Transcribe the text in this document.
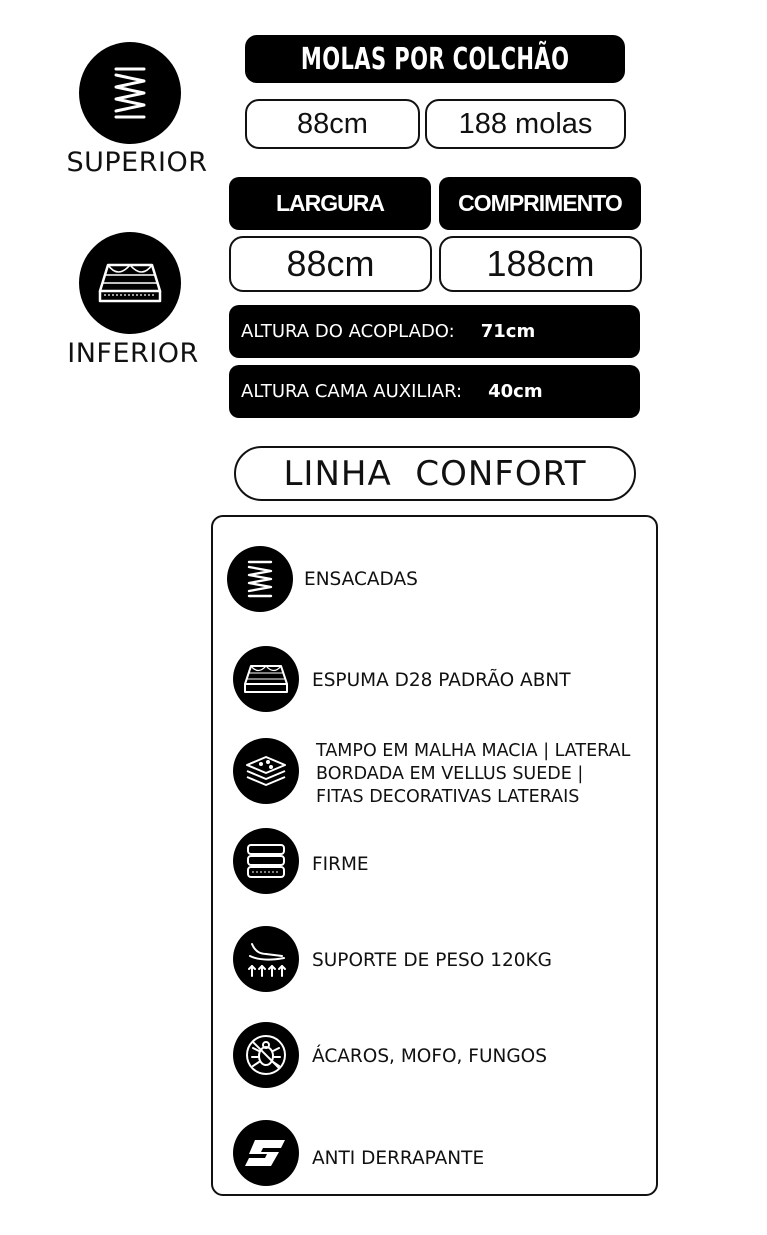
SUPERIOR
INFERIOR
MOLAS POR COLCHÃO
88cm	188 molas
LARGURA	COMPRIMENTO
88cm	188cm
ALTURA DO ACOPLADO: 71cm
ALTURA CAMA AUXILIAR: 40cm
LINHA  CONFORT
ENSACADAS
ESPUMA D28 PADRÃO ABNT
TAMPO EM MALHA MACIA | LATERAL
BORDADA EM VELLUS SUEDE |
FITAS DECORATIVAS LATERAIS
FIRME
SUPORTE DE PESO 120KG
ÁCAROS, MOFO, FUNGOS
ANTI DERRAPANTE
